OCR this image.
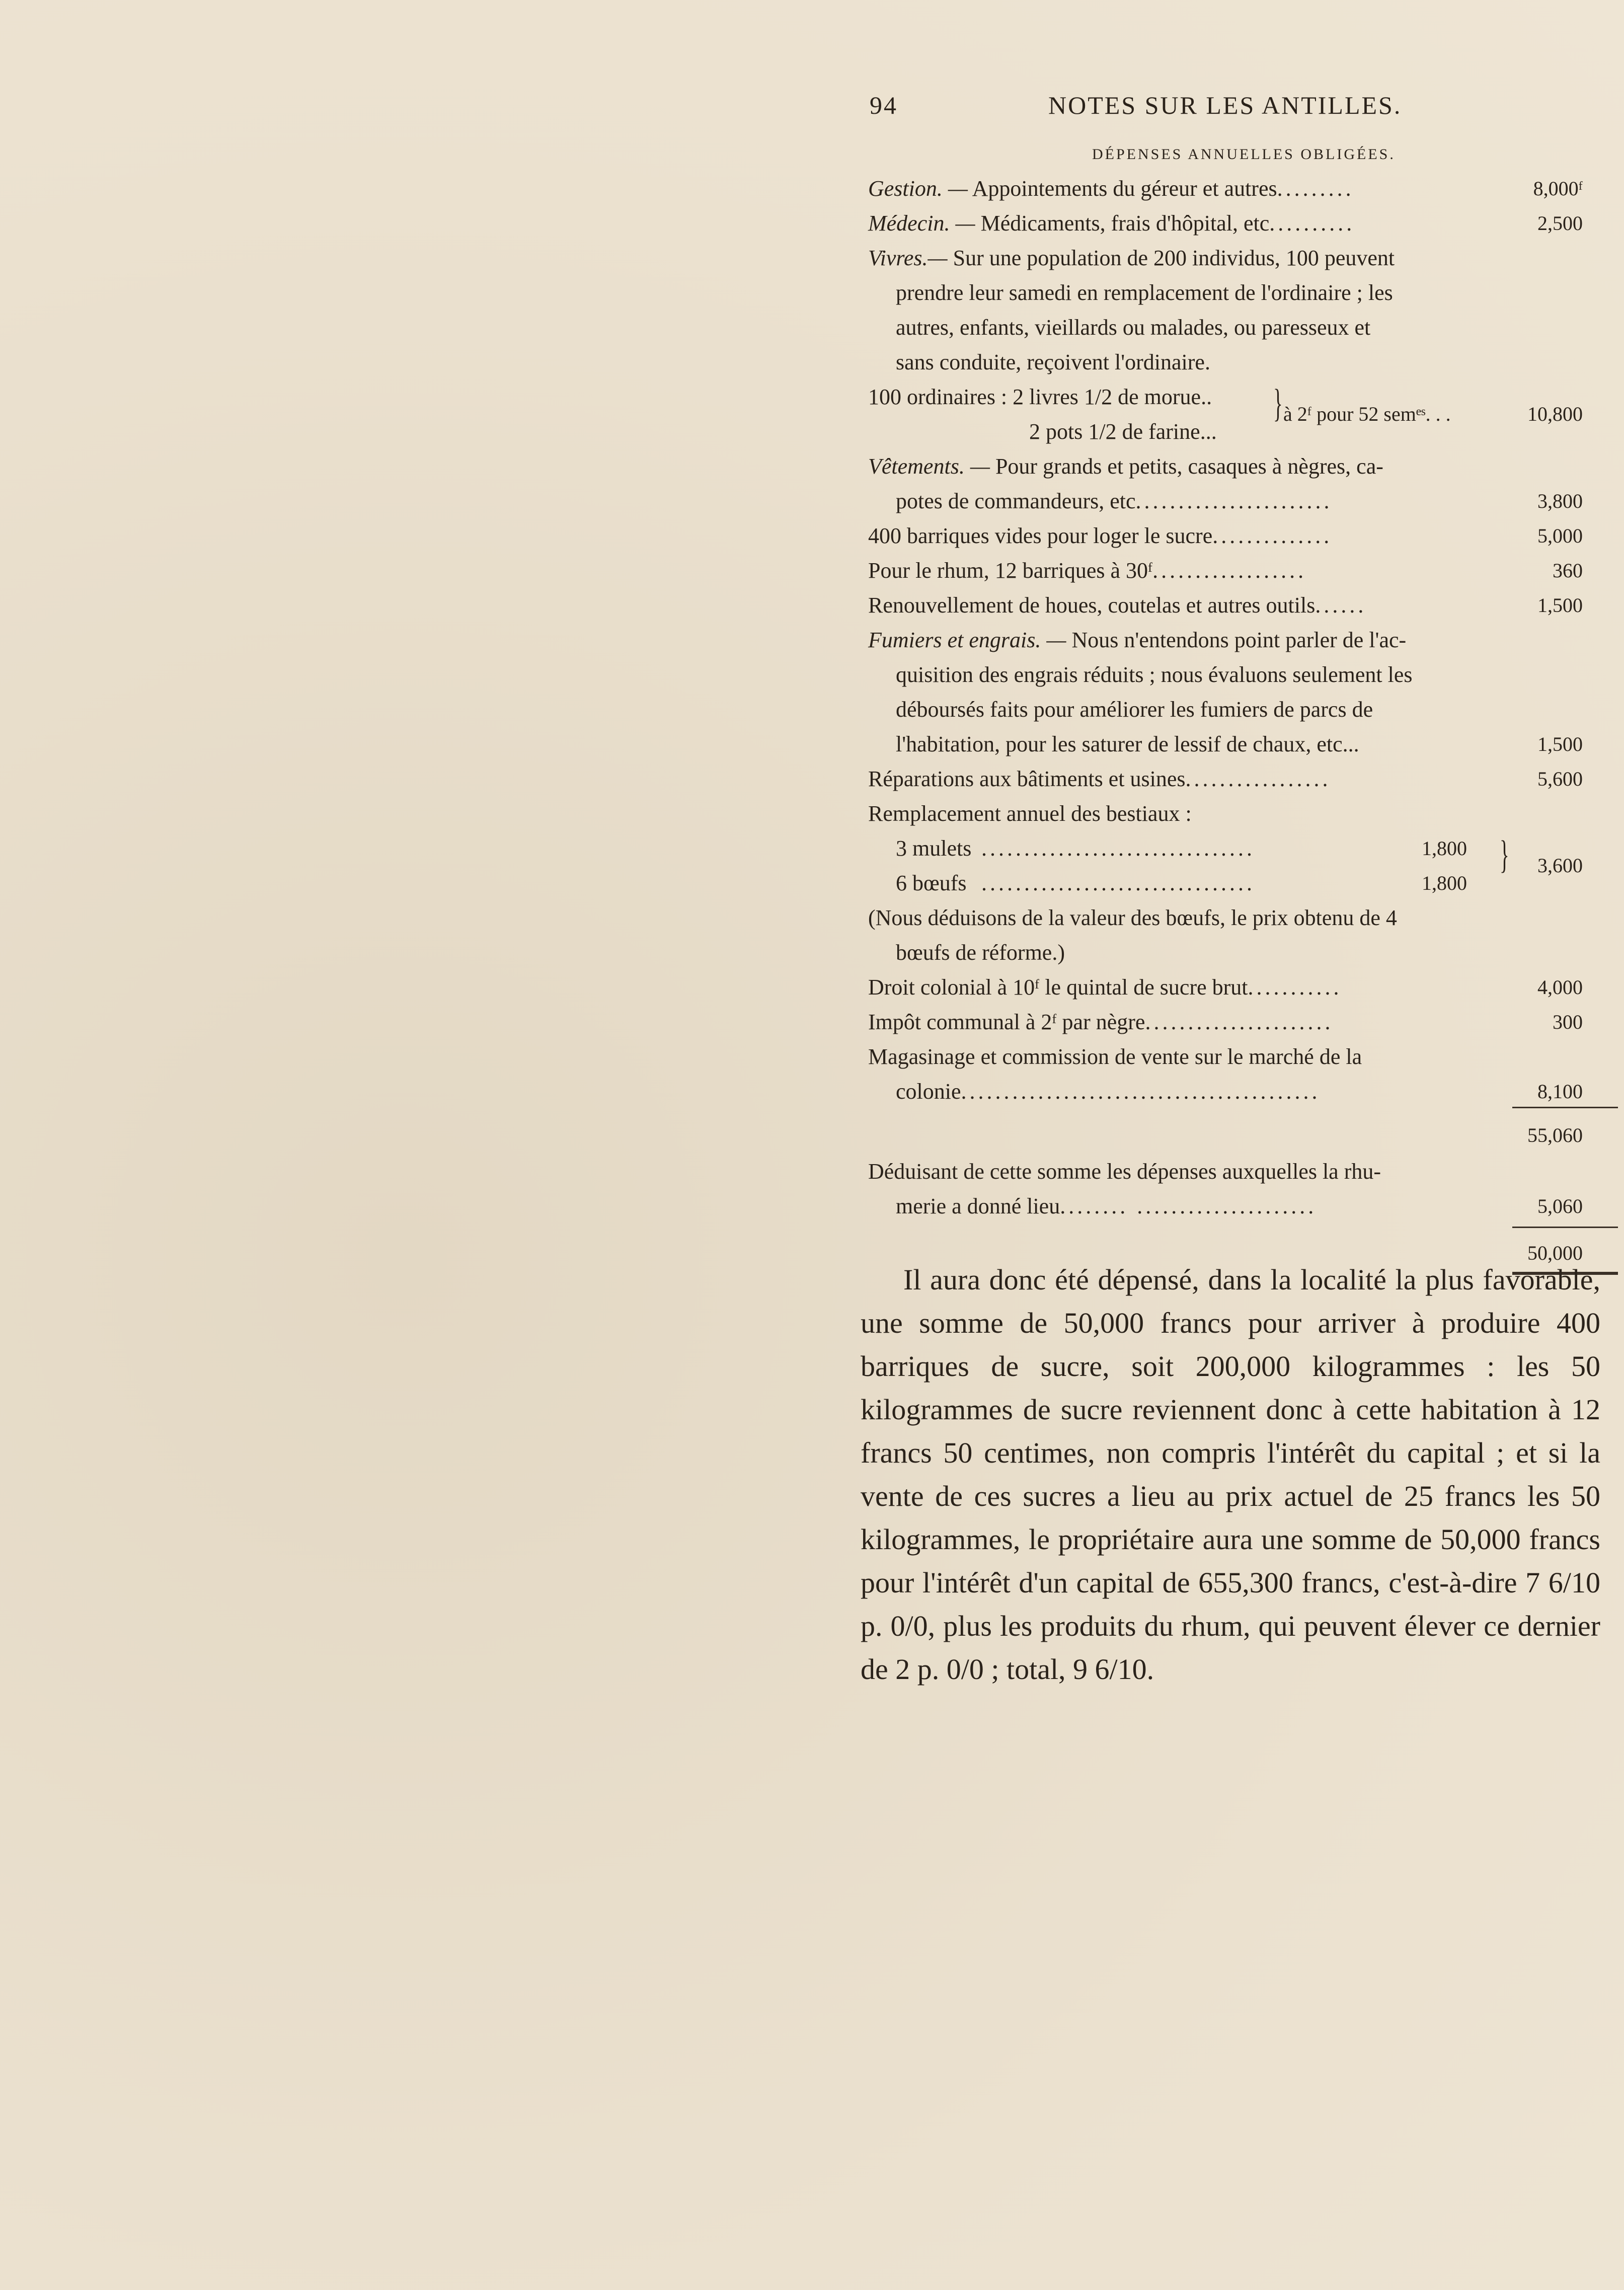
94	NOTES SUR LES ANTILLES.
DÉPENSES ANNUELLES OBLIGÉES.
Gestion. — Appointements du géreur et autres.........	8,000ᶠ
Médecin. — Médicaments, frais d'hôpital, etc..........	2,500
Vivres.— Sur une population de 200 individus, 100 peuvent
prendre leur samedi en remplacement de l'ordinaire ; les
autres, enfants, vieillards ou malades, ou paresseux et
sans conduite, reçoivent l'ordinaire.
100 ordinaires : 2 livres 1/2 de morue..
2 pots 1/2 de farine...
} à 2ᶠ pour 52 semᵉˢ. . .	10,800
Vêtements. — Pour grands et petits, casaques à nègres, ca-
potes de commandeurs, etc.......................	3,800
400 barriques vides pour loger le sucre..............	5,000
Pour le rhum, 12 barriques à 30ᶠ..................	360
Renouvellement de houes, coutelas et autres outils......	1,500
Fumiers et engrais. — Nous n'entendons point parler de l'ac-
quisition des engrais réduits ; nous évaluons seulement les
déboursés faits pour améliorer les fumiers de parcs de
l'habitation, pour les saturer de lessif de chaux, etc...	1,500
Réparations aux bâtiments et usines.................	5,600
Remplacement annuel des bestiaux :
3 mulets ................................	1,800
6 bœufs ................................	1,800
}	3,600
(Nous déduisons de la valeur des bœufs, le prix obtenu de 4
bœufs de réforme.)
Droit colonial à 10ᶠ le quintal de sucre brut...........	4,000
Impôt communal à 2ᶠ par nègre......................	300
Magasinage et commission de vente sur le marché de la
colonie..........................................	8,100
55,060
Déduisant de cette somme les dépenses auxquelles la rhu-
merie a donné lieu........ .....................	5,060
50,000
Il aura donc été dépensé, dans la localité la plus favorable, une somme de 50,000 francs pour arriver à produire 400 barriques de sucre, soit 200,000 kilogrammes : les 50 kilogrammes de sucre reviennent donc à cette habitation à 12 francs 50 centimes, non compris l'intérêt du capital ; et si la vente de ces sucres a lieu au prix actuel de 25 francs les 50 kilogrammes, le propriétaire aura une somme de 50,000 francs pour l'intérêt d'un capital de 655,300 francs, c'est-à-dire 7 6/10 p. 0/0, plus les produits du rhum, qui peuvent élever ce dernier de 2 p. 0/0 ; total, 9 6/10.
